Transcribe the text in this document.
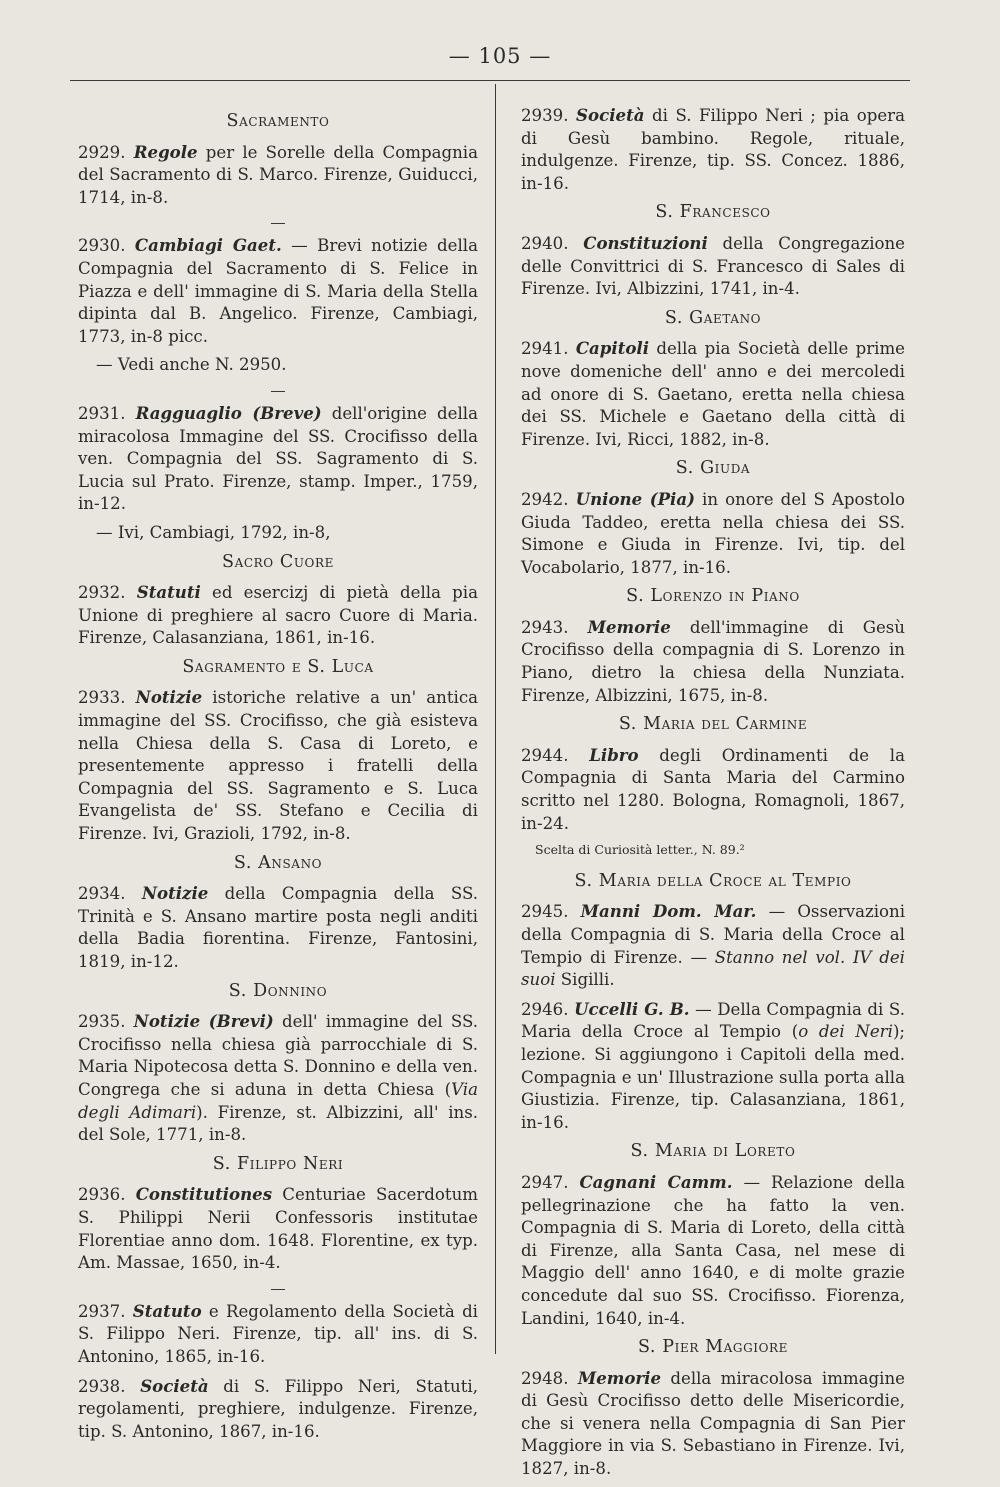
— 105 —
Sacramento

2929. Regole per le Sorelle della Compagnia del Sacramento di S. Marco. Firenze, Guiducci, 1714, in-8.

2930. Cambiagi Gaet. — Brevi notizie della Compagnia del Sacramento di S. Felice in Piazza e dell' immagine di S. Maria della Stella dipinta dal B. Angelico. Firenze, Cambiagi, 1773, in-8 picc.

— Vedi anche N. 2950.

2931. Ragguaglio (Breve) dell'origine della miracolosa Immagine del SS. Crocifisso della ven. Compagnia del SS. Sagramento di S. Lucia sul Prato. Firenze, stamp. Imper., 1759, in-12.

— Ivi, Cambiagi, 1792, in-8,

Sacro Cuore

2932. Statuti ed esercizj di pietà della pia Unione di preghiere al sacro Cuore di Maria. Firenze, Calasanziana, 1861, in-16.

Sagramento e S. Luca

2933. Notizie istoriche relative a un' antica immagine del SS. Crocifisso, che già esisteva nella Chiesa della S. Casa di Loreto, e presentemente appresso i fratelli della Compagnia del SS. Sagramento e S. Luca Evangelista de' SS. Stefano e Cecilia di Firenze. Ivi, Grazioli, 1792, in-8.

S. Ansano

2934. Notizie della Compagnia della SS. Trinità e S. Ansano martire posta negli anditi della Badia fiorentina. Firenze, Fantosini, 1819, in-12.

S. Donnino

2935. Notizie (Brevi) dell' immagine del SS. Crocifisso nella chiesa già parrocchiale di S. Maria Nipotecosa detta S. Donnino e della ven. Congrega che si aduna in detta Chiesa (Via degli Adimari). Firenze, st. Albizzini, all' ins. del Sole, 1771, in-8.

S. Filippo Neri

2936. Constitutiones Centuriae Sacerdotum S. Philippi Nerii Confessoris institutae Florentiae anno dom. 1648. Florentine, ex typ. Am. Massae, 1650, in-4.

2937. Statuto e Regolamento della Società di S. Filippo Neri. Firenze, tip. all' ins. di S. Antonino, 1865, in-16.

2938. Società di S. Filippo Neri, Statuti, regolamenti, preghiere, indulgenze. Firenze, tip. S. Antonino, 1867, in-16.

2939. Società di S. Filippo Neri ; pia opera di Gesù bambino. Regole, rituale, indulgenze. Firenze, tip. SS. Concez. 1886, in-16.

S. Francesco

2940. Constituzioni della Congregazione delle Convittrici di S. Francesco di Sales di Firenze. Ivi, Albizzini, 1741, in-4.

S. Gaetano

2941. Capitoli della pia Società delle prime nove domeniche dell' anno e dei mercoledi ad onore di S. Gaetano, eretta nella chiesa dei SS. Michele e Gaetano della città di Firenze. Ivi, Ricci, 1882, in-8.

S. Giuda

2942. Unione (Pia) in onore del S Apostolo Giuda Taddeo, eretta nella chiesa dei SS. Simone e Giuda in Firenze. Ivi, tip. del Vocabolario, 1877, in-16.

S. Lorenzo in Piano

2943. Memorie dell'immagine di Gesù Crocifisso della compagnia di S. Lorenzo in Piano, dietro la chiesa della Nunziata. Firenze, Albizzini, 1675, in-8.

S. Maria del Carmine

2944. Libro degli Ordinamenti de la Compagnia di Santa Maria del Carmino scritto nel 1280. Bologna, Romagnoli, 1867, in-24.

Scelta di Curiosità letter., N. 89.²

S. Maria della Croce al Tempio

2945. Manni Dom. Mar. — Osservazioni della Compagnia di S. Maria della Croce al Tempio di Firenze. — Stanno nel vol. IV dei suoi Sigilli.

2946. Uccelli G. B. — Della Compagnia di S. Maria della Croce al Tempio (o dei Neri); lezione. Si aggiungono i Capitoli della med. Compagnia e un' Illustrazione sulla porta alla Giustizia. Firenze, tip. Calasanziana, 1861, in-16.

S. Maria di Loreto

2947. Cagnani Camm. — Relazione della pellegrinazione che ha fatto la ven. Compagnia di S. Maria di Loreto, della città di Firenze, alla Santa Casa, nel mese di Maggio dell' anno 1640, e di molte grazie concedute dal suo SS. Crocifisso. Fiorenza, Landini, 1640, in-4.

S. Pier Maggiore

2948. Memorie della miracolosa immagine di Gesù Crocifisso detto delle Misericordie, che si venera nella Compagnia di San Pier Maggiore in via S. Sebastiano in Firenze. Ivi, 1827, in-8.
